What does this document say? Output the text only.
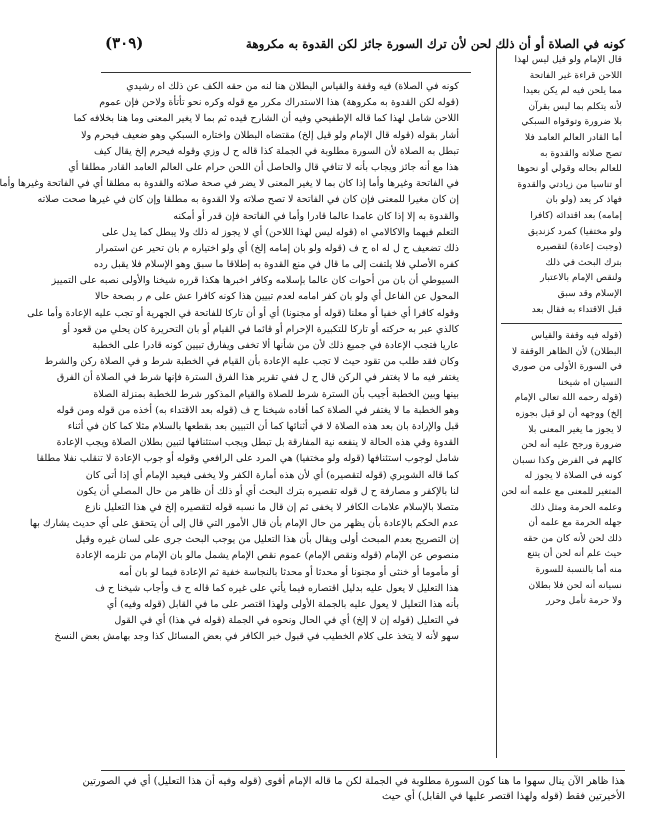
كونه في الصلاة أو أن ذلك لحن لأن ترك السورة جائز لكن القدوة به مكروهة
(٣٠٩)
كونه في الصلاة) فيه وقفة والقياس البطلان هنا لنه من حقه الكف عن ذلك اه رشيدي
(قوله لكن القدوة به مكروهة) هذا الاستدراك مكرر مع قوله وكره نحو تأتأة ولاحن فإن عموم
اللاحن شامل لهذا كما قاله الإطفيحي وفيه أن الشارح قيده ثم بما لا يغير المعنى وما هنا بخلافه كما
أشار بقوله (قوله قال الإمام ولو قيل إلخ) مقتضاه البطلان واختاره السبكي وهو ضعيف فيحرم ولا
تبطل به الصلاة لأن السورة مطلوبة في الجملة كذا قاله ح ل وزي وقوله فيحرم إلخ يقال كيف
هذا مع أنه جائز ويجاب بأنه لا تنافي قال والحاصل أن اللحن حرام على العالم العامد القادر مطلقا أي
في الفاتحة وغيرها وأما إذا كان بما لا يغير المعنى لا يضر في صحة صلاته والقدوة به مطلقا أي في الفاتحة وغيرها وأما
إن كان مغيرا للمعنى فإن كان في الفاتحة لا تصح صلاته ولا القدوة به مطلقا وإن كان في غيرها صحت صلاته
والقدوة به إلا إذا كان عامدا عالما قادرا وأما في الفاتحة فإن قدر أو أمكنه
التعلم فيهما والاكالامي اه (قوله ليس لهذا اللاحن) أي لا يجوز له ذلك ولا يبطل كما يدل على
ذلك تضعيف ح ل له اه ح ف (قوله ولو بان إمامه إلخ) أي ولو اختياره م بان تحير عن استمرار
كفره الأصلي فلا يلتفت إلى ما قال في منع القدوة به إطلاقا ما سبق وهو الإسلام فلا يقبل رده
السيوطي أن بان من أحوات كان عالما بإسلامه وكافر اخبرها هكذا قرره شيخنا والأولى نصبه على التمييز
المحول عن الفاعل أي ولو بان كفر امامه لعدم تبيين هذا كونه كافرا عش على م ر بصحة حالا
وقوله كافرا أي خفيا أو معلنا (قوله أو مجنونا) أي أو أن تاركا للفاتحة في الجهرية أو تجب عليه الإعادة وأما على
كالذي عبر به حركته أو تاركا للتكبيرة الإحرام أو قائما في القيام أو بان التحريرة كان يحلي من قعود أو
عاريا فتجب الإعادة في جميع ذلك لأن من شأنها ألا تخفى ويفارق تبيين كونه قادرا على الخطبة
وكان فقد طلب من تقود حيث لا تجب عليه الإعادة بأن القيام في الخطبة شرط و في الصلاة ركن والشرط
يغتفر فيه ما لا يغتفر في الركن قال ح ل ففي تقرير هذا الفرق السترة فإنها شرط في الصلاة أن الفرق
بينها وبين الخطبة أجيب بأن السترة شرط للصلاة والقيام المذكور شرط للخطبة بمنزلة الصلاة
وهو الخطبة ما لا يغتفر في الصلاة كما أفاده شيخنا ح ف (قوله بعد الاقتداء به) أخذه من قوله ومن قوله
قبل والإرادة بان بعد هذه الصلاة لا في أثنائها كما أن التبيين بعد بقطعها بالسلام مثلا كما كان في أثناء
القدوة وقي هذه الحالة لا ينفعه نية المفارقة بل تبطل ويجب استئنافها لتبين بطلان الصلاة ويجب الإعادة
شامل لوجوب استئنافها (قوله ولو مختفيا) هي المرد على الرافعي وقوله أو جوب الإعادة لا تنقلب نفلا مطلقا
كما قاله الشوبري (قوله لتقصيره) أي لأن هذه أمارة الكفر ولا يخفى فيعيد الإمام أي إذا أتى كان
لنا بالإكفر و مصارفة ح ل قوله تقصيره بترك البحث أي أو ذلك أن ظاهر من حال المصلي أن يكون
متصلا بالإسلام علامات الكافر لا يخفى ثم إن قال ما نسبه قوله لتقصيره إلخ في هذا التعليل نازع
عدم الحكم بالإعادة بأن يظهر من حال الإمام بأن قال الأمور التي قال إلى أن يتحقق على أي حديث يشارك بها
إن التصريح بعدم المبحث أولى ويقال بأن هذا التعليل من يوجب البحث جرى على لسان غيره وقيل
منصوص عن الإمام (قوله ونقص الإمام) عموم نقص الإمام يشمل مالو بان الإمام من تلزمه الإعادة
أو مأموما أو خنثى أو مجنونا أو محدثا أو محدثا بالنجاسة خفية ثم الإعادة فيما لو بان أمه
هذا التعليل لا يعول عليه بدليل اقتصاره فيما يأتي على غيره كما قاله ح ف وأجاب شيخنا ح ف
بأنه هذا التعليل لا يعول عليه بالجملة الأولى ولهذا اقتصر على ما في القابل (قوله وفيه) أي
في التعليل (قوله إن لا إلخ) أي في الحال ونحوه في الجملة (قوله في هذا) أي في القول
سهو لأنه لا يتخذ على كلام الخطيب في قبول خبر الكافر في بعض المسائل كذا وجد بهامش بعض النسخ
قال الإمام ولو قيل ليس لهذا
اللاحن قراءة غير الفاتحة
مما يلحن فيه لم يكن بعيدا
لأنه يتكلم بما ليس بقرآن
بلا ضرورة وتوقواه السبكي
أما القادر العالم العامد فلا
تصح صلاته والقدوة به
للعالم بحاله وقولي أو نحوها
أو تناسيا من زيادتي والقدوة
فهاذ كر يعد (ولو بان
إمامه) بعد اقتدائه (كافرا
ولو مختفيا) كمرد كزنديق
(وجبت إعادة) لتقصيره
بترك البحث في ذلك
ولنقص الإمام بالاعتبار
الإسلام وقد سبق
قبل الاقتداء به فقال بعد
(قوله فيه وقفة والقياس
البطلان) لأن الظاهر الوقفة لا
في السورة الأولى من صوري
النسيان اه شيخنا
(قوله رحمه الله تعالى الإمام
إلخ) ووجهه أن لو قيل بجوزه
لا يجوز ما يغير المعنى بلا
ضرورة ورجح عليه أنه لحن
كالهم في الفرض وكذا نسبان
كونه في الصلاة لا يجوز له
المتغير للمعنى مع علمه أنه لحن
وعلمه الحرمة ومثل ذلك
جهله الحرمة مع علمه أن
ذلك لحن لأنه كان من حقه
حيث علم أنه لحن أن يتنع
منه أما بالنسبة للسورة
نسيانه أنه لحن فلا بطلان
ولا حرمة تأمل وحرر
هذا ظاهر الآن ينال سهوا ما هنا كون السورة مطلوبة في الجملة لكن ما قاله الإمام أقوى (قوله وفيه أن هذا التعليل) أي في الصورتين
الأخيرتين فقط (قوله ولهذا اقتصر عليها في القابل) أي حيث
